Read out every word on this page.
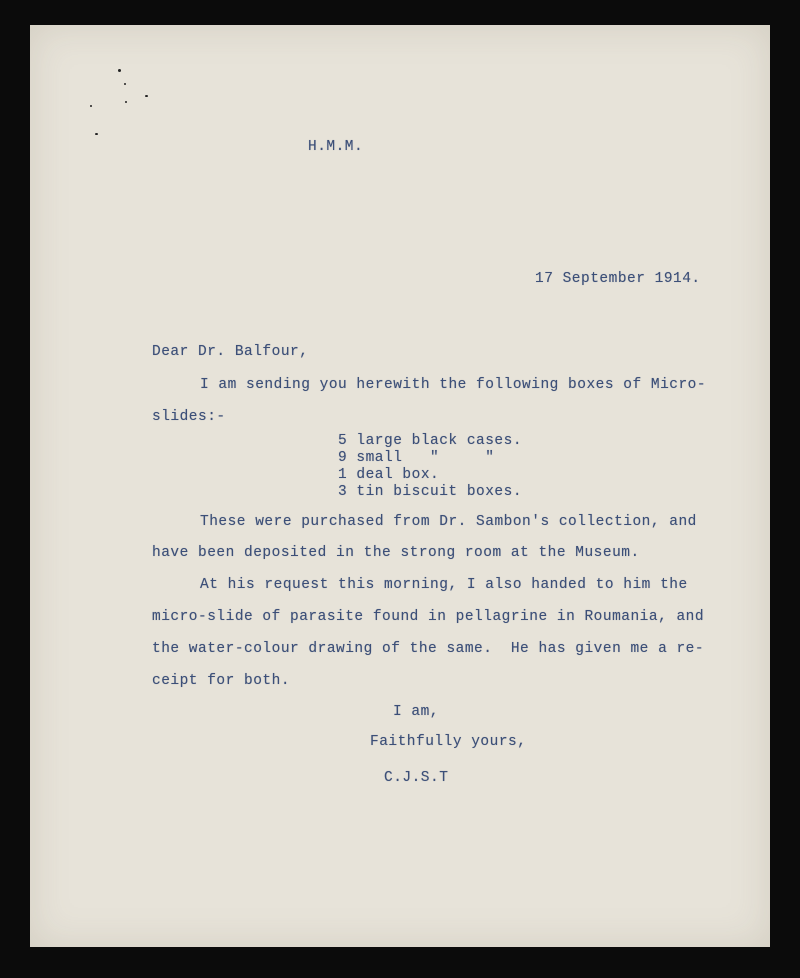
H.M.M.
17 September 1914.
Dear Dr. Balfour,
I am sending you herewith the following boxes of Micro-
slides:-
5 large black cases.
9 small   "     "
1 deal box.
3 tin biscuit boxes.
These were purchased from Dr. Sambon's collection, and
have been deposited in the strong room at the Museum.
At his request this morning, I also handed to him the
micro-slide of parasite found in pellagrine in Roumania, and
the water-colour drawing of the same.  He has given me a re-
ceipt for both.
I am,
Faithfully yours,
C.J.S.T
